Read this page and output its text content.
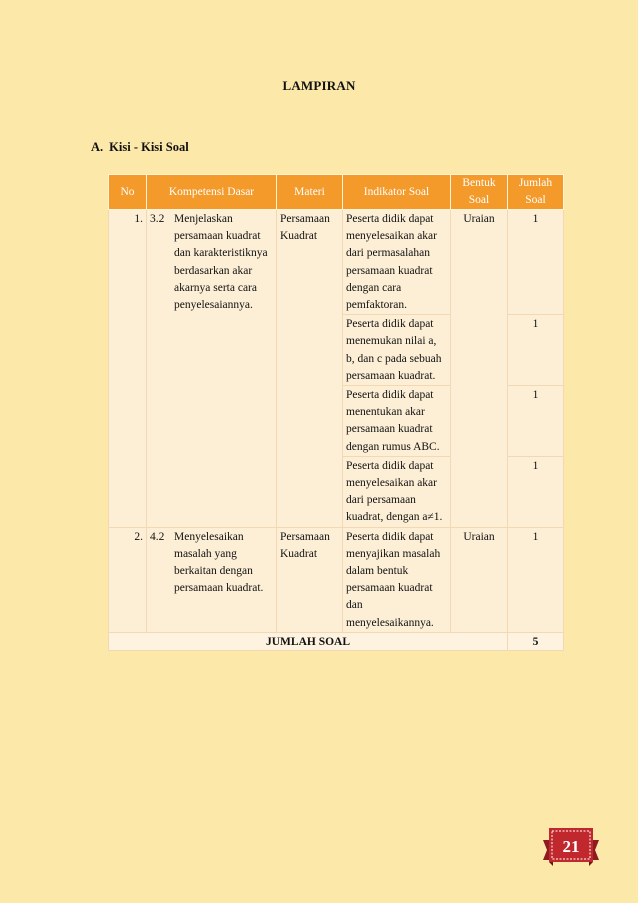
LAMPIRAN
A. Kisi - Kisi Soal
No	Kompetensi Dasar	Materi	Indikator Soal	Bentuk Soal	Jumlah Soal
1.	3.2 Menjelaskan persamaan kuadrat dan karakteristiknya berdasarkan akar akarnya serta cara penyelesaiannya.	Persamaan Kuadrat	Peserta didik dapat menyelesaikan akar dari permasalahan persamaan kuadrat dengan cara pemfaktoran.	Uraian	1
			Peserta didik dapat menemukan nilai a, b, dan c pada sebuah persamaan kuadrat.		1
			Peserta didik dapat menentukan akar persamaan kuadrat dengan rumus ABC.		1
			Peserta didik dapat menyelesaikan akar dari persamaan kuadrat, dengan a≠1.		1
2.	4.2 Menyelesaikan masalah yang berkaitan dengan persamaan kuadrat.	Persamaan Kuadrat	Peserta didik dapat menyajikan masalah dalam bentuk persamaan kuadrat dan menyelesaikannya.	Uraian	1
JUMLAH SOAL					5
21
